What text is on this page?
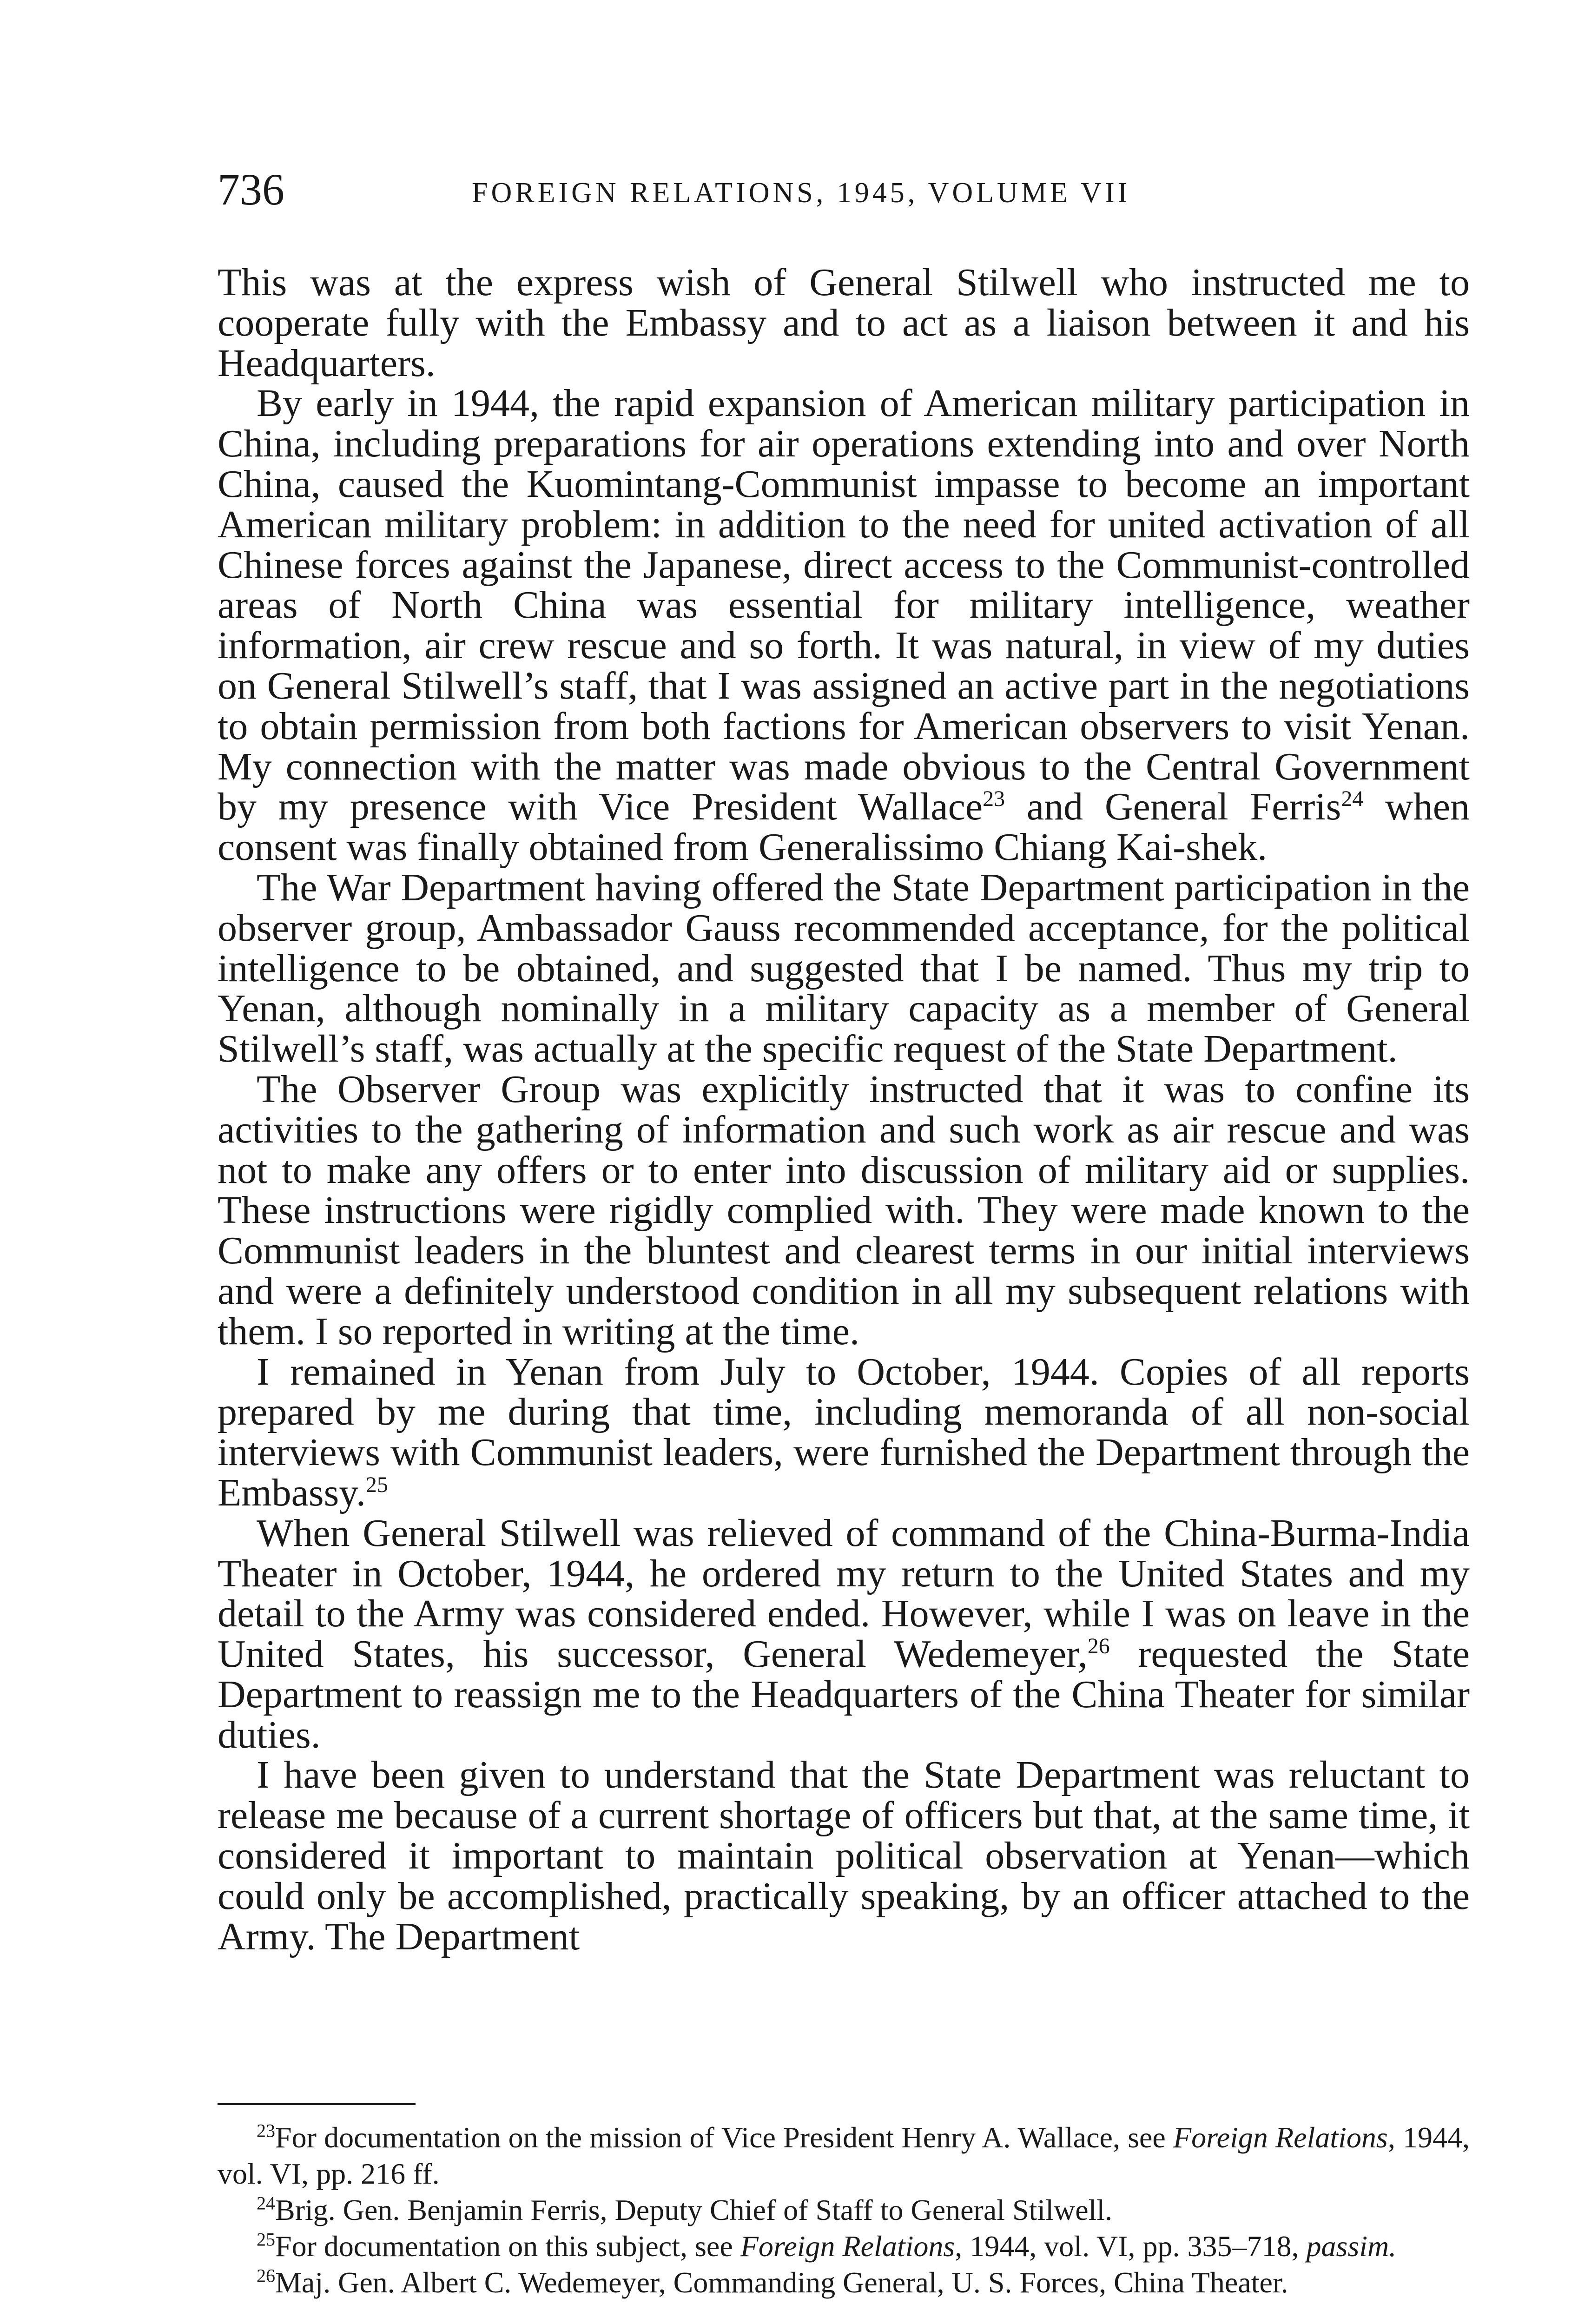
736	FOREIGN RELATIONS, 1945, VOLUME VII

This was at the express wish of General Stilwell who instructed me to cooperate fully with the Embassy and to act as a liaison between it and his Headquarters.

By early in 1944, the rapid expansion of American military participation in China, including preparations for air operations extending into and over North China, caused the Kuomintang-Communist impasse to become an important American military problem: in addition to the need for united activation of all Chinese forces against the Japanese, direct access to the Communist-controlled areas of North China was essential for military intelligence, weather information, air crew rescue and so forth. It was natural, in view of my duties on General Stilwell’s staff, that I was assigned an active part in the negotiations to obtain permission from both factions for American observers to visit Yenan. My connection with the matter was made obvious to the Central Government by my presence with Vice President Wallace$^{23}$ and General Ferris$^{24}$ when consent was finally obtained from Generalissimo Chiang Kai-shek.

The War Department having offered the State Department participation in the observer group, Ambassador Gauss recommended acceptance, for the political intelligence to be obtained, and suggested that I be named. Thus my trip to Yenan, although nominally in a military capacity as a member of General Stilwell’s staff, was actually at the specific request of the State Department.

The Observer Group was explicitly instructed that it was to confine its activities to the gathering of information and such work as air rescue and was not to make any offers or to enter into discussion of military aid or supplies. These instructions were rigidly complied with. They were made known to the Communist leaders in the bluntest and clearest terms in our initial interviews and were a definitely understood condition in all my subsequent relations with them. I so reported in writing at the time.

I remained in Yenan from July to October, 1944. Copies of all reports prepared by me during that time, including memoranda of all non-social interviews with Communist leaders, were furnished the Department through the Embassy.$^{25}$

When General Stilwell was relieved of command of the China-Burma-India Theater in October, 1944, he ordered my return to the United States and my detail to the Army was considered ended. However, while I was on leave in the United States, his successor, General Wedemeyer,$^{26}$ requested the State Department to reassign me to the Headquarters of the China Theater for similar duties.

I have been given to understand that the State Department was reluctant to release me because of a current shortage of officers but that, at the same time, it considered it important to maintain political observation at Yenan—which could only be accomplished, practically speaking, by an officer attached to the Army. The Department

$^{23}$For documentation on the mission of Vice President Henry A. Wallace, see Foreign Relations, 1944, vol. VI, pp. 216 ff.

$^{24}$Brig. Gen. Benjamin Ferris, Deputy Chief of Staff to General Stilwell.

$^{25}$For documentation on this subject, see Foreign Relations, 1944, vol. VI, pp. 335–718, passim.

$^{26}$Maj. Gen. Albert C. Wedemeyer, Commanding General, U. S. Forces, China Theater.
